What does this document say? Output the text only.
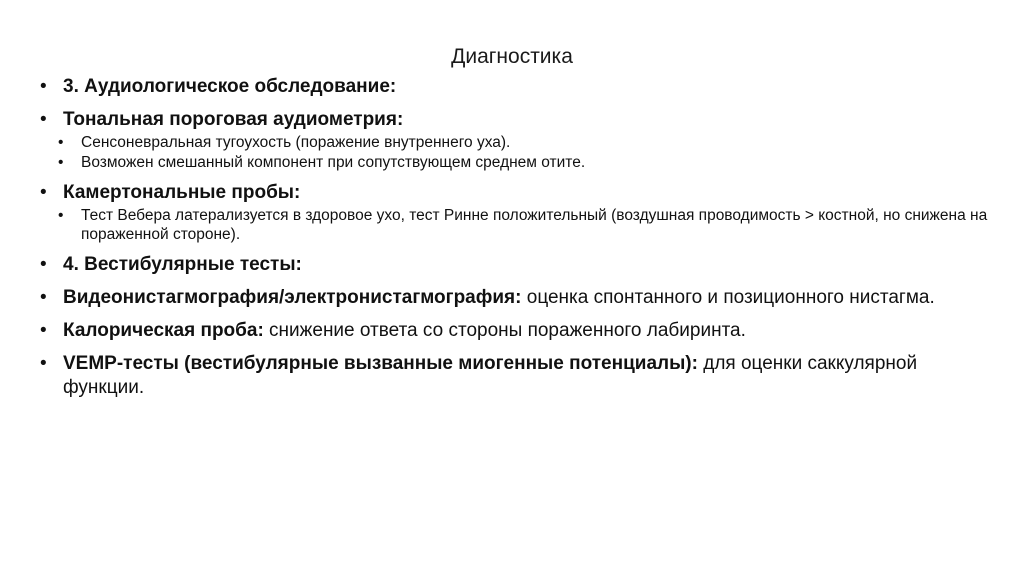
Диагностика
• 3. Аудиологическое обследование:
• Тональная пороговая аудиометрия:
• Сенсоневральная тугоухость (поражение внутреннего уха).
• Возможен смешанный компонент при сопутствующем среднем отите.
• Камертональные пробы:
• Тест Вебера латерализуется в здоровое ухо, тест Ринне положительный (воздушная проводимость > костной, но снижена на пораженной стороне).
• 4. Вестибулярные тесты:
• Видеонистагмография/электронистагмография: оценка спонтанного и позиционного нистагма.
• Калорическая проба: снижение ответа со стороны пораженного лабиринта.
• VEMP-тесты (вестибулярные вызванные миогенные потенциалы): для оценки саккулярной функции.
